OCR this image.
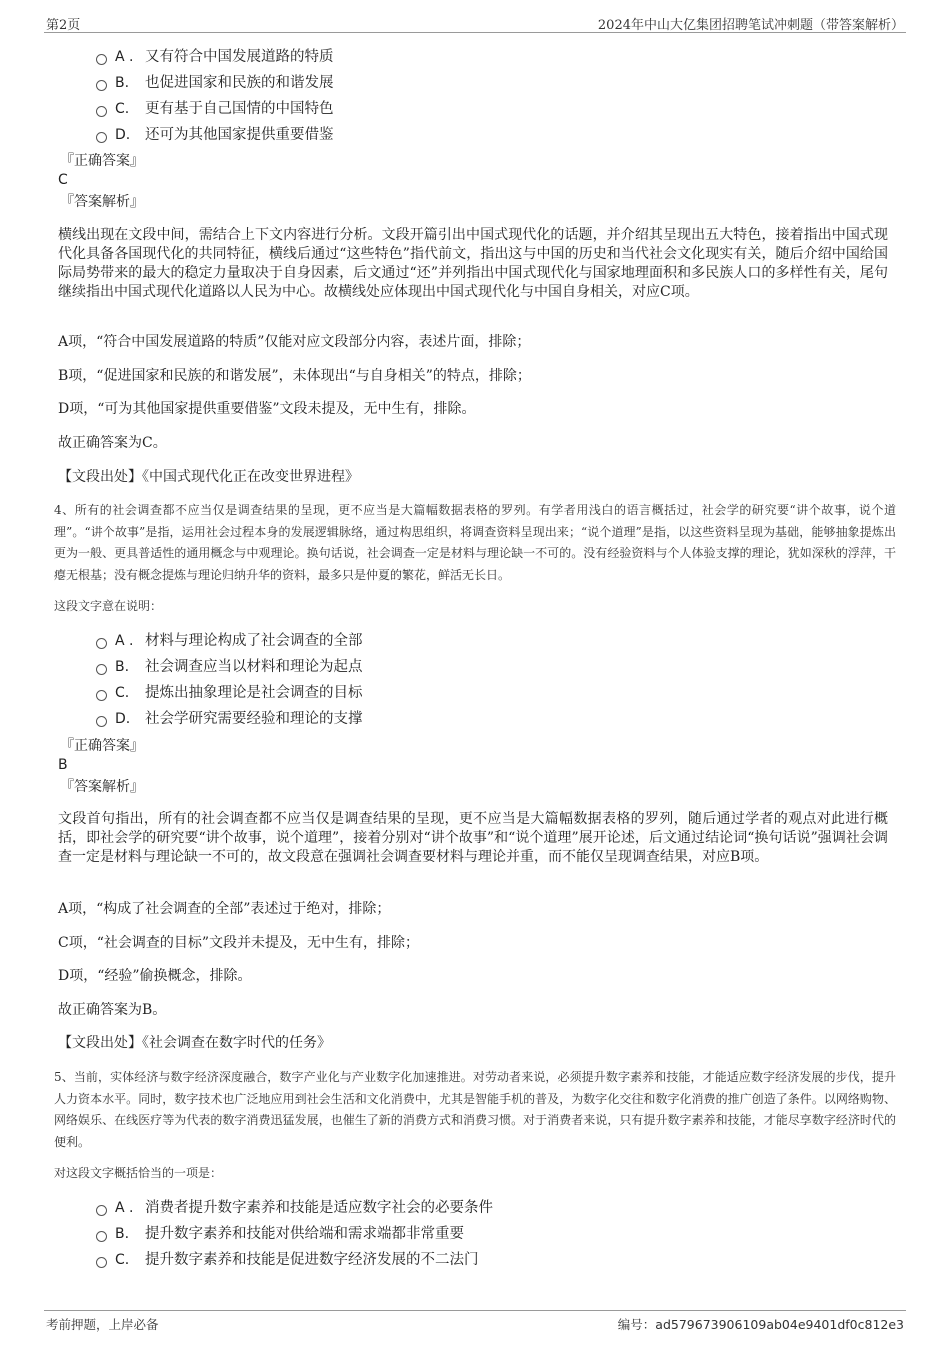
第2页	2024年中山大亿集团招聘笔试冲刺题（带答案解析）
A . 又有符合中国发展道路的特质
B. 也促进国家和民族的和谐发展
C. 更有基于自己国情的中国特色
D. 还可为其他国家提供重要借鉴
『正确答案』
C
『答案解析』
横线出现在文段中间，需结合上下文内容进行分析。文段开篇引出中国式现代化的话题，并介绍其呈现出五大特色，接着指出中国式现代化具备各国现代化的共同特征，横线后通过“这些特色”指代前文，指出这与中国的历史和当代社会文化现实有关，随后介绍中国给国际局势带来的最大的稳定力量取决于自身因素，后文通过“还”并列指出中国式现代化与国家地理面积和多民族人口的多样性有关，尾句继续指出中国式现代化道路以人民为中心。故横线处应体现出中国式现代化与中国自身相关，对应C项。
A项，“符合中国发展道路的特质”仅能对应文段部分内容，表述片面，排除；
B项，“促进国家和民族的和谐发展”，未体现出“与自身相关”的特点，排除；
D项，“可为其他国家提供重要借鉴”文段未提及，无中生有，排除。
故正确答案为C。
【文段出处】《中国式现代化正在改变世界进程》
4、所有的社会调查都不应当仅是调查结果的呈现，更不应当是大篇幅数据表格的罗列。有学者用浅白的语言概括过，社会学的研究要“讲个故事，说个道理”。“讲个故事”是指，运用社会过程本身的发展逻辑脉络，通过构思组织，将调查资料呈现出来；“说个道理”是指，以这些资料呈现为基础，能够抽象提炼出更为一般、更具普适性的通用概念与中观理论。换句话说，社会调查一定是材料与理论缺一不可的。没有经验资料与个人体验支撑的理论，犹如深秋的浮萍，干瘪无根基；没有概念提炼与理论归纳升华的资料，最多只是仲夏的繁花，鲜活无长日。
这段文字意在说明：
A . 材料与理论构成了社会调查的全部
B. 社会调查应当以材料和理论为起点
C. 提炼出抽象理论是社会调查的目标
D. 社会学研究需要经验和理论的支撑
『正确答案』
B
『答案解析』
文段首句指出，所有的社会调查都不应当仅是调查结果的呈现，更不应当是大篇幅数据表格的罗列，随后通过学者的观点对此进行概括，即社会学的研究要“讲个故事，说个道理”，接着分别对“讲个故事”和“说个道理”展开论述，后文通过结论词“换句话说”强调社会调查一定是材料与理论缺一不可的，故文段意在强调社会调查要材料与理论并重，而不能仅呈现调查结果，对应B项。
A项，“构成了社会调查的全部”表述过于绝对，排除；
C项，“社会调查的目标”文段并未提及，无中生有，排除；
D项，“经验”偷换概念，排除。
故正确答案为B。
【文段出处】《社会调查在数字时代的任务》
5、当前，实体经济与数字经济深度融合，数字产业化与产业数字化加速推进。对劳动者来说，必须提升数字素养和技能，才能适应数字经济发展的步伐，提升人力资本水平。同时，数字技术也广泛地应用到社会生活和文化消费中，尤其是智能手机的普及，为数字化交往和数字化消费的推广创造了条件。以网络购物、网络娱乐、在线医疗等为代表的数字消费迅猛发展，也催生了新的消费方式和消费习惯。对于消费者来说，只有提升数字素养和技能，才能尽享数字经济时代的便利。
对这段文字概括恰当的一项是：
A . 消费者提升数字素养和技能是适应数字社会的必要条件
B. 提升数字素养和技能对供给端和需求端都非常重要
C. 提升数字素养和技能是促进数字经济发展的不二法门
考前押题，上岸必备	编号：ad579673906109ab04e9401df0c812e3
